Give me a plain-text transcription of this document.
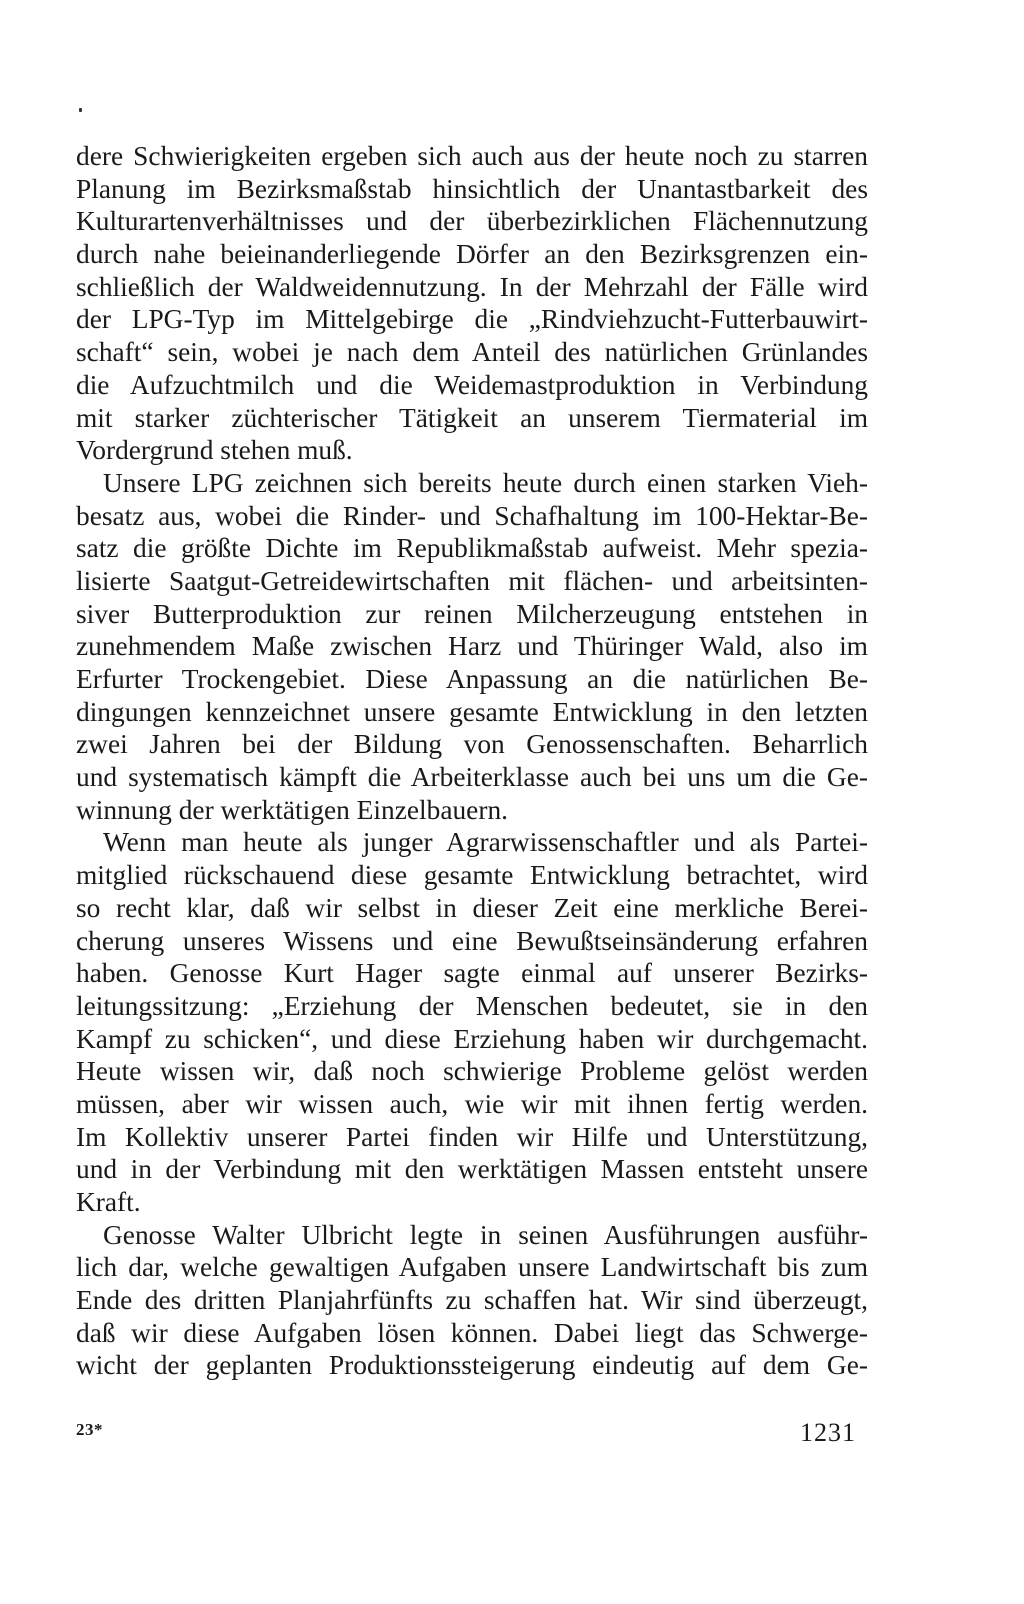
dere Schwierigkeiten ergeben sich auch aus der heute noch zu starren
Planung im Bezirksmaßstab hinsichtlich der Unantastbarkeit des
Kulturartenverhältnisses und der überbezirklichen Flächennutzung
durch nahe beieinanderliegende Dörfer an den Bezirksgrenzen ein-
schließlich der Waldweidennutzung. In der Mehrzahl der Fälle wird
der LPG-Typ im Mittelgebirge die „Rindviehzucht-Futterbauwirt-
schaft“ sein, wobei je nach dem Anteil des natürlichen Grünlandes
die Aufzuchtmilch und die Weidemastproduktion in Verbindung
mit starker züchterischer Tätigkeit an unserem Tiermaterial im
Vordergrund stehen muß.
Unsere LPG zeichnen sich bereits heute durch einen starken Vieh-
besatz aus, wobei die Rinder- und Schafhaltung im 100-Hektar-Be-
satz die größte Dichte im Republikmaßstab aufweist. Mehr spezia-
lisierte Saatgut-Getreidewirtschaften mit flächen- und arbeitsinten-
siver Butterproduktion zur reinen Milcherzeugung entstehen in
zunehmendem Maße zwischen Harz und Thüringer Wald, also im
Erfurter Trockengebiet. Diese Anpassung an die natürlichen Be-
dingungen kennzeichnet unsere gesamte Entwicklung in den letzten
zwei Jahren bei der Bildung von Genossenschaften. Beharrlich
und systematisch kämpft die Arbeiterklasse auch bei uns um die Ge-
winnung der werktätigen Einzelbauern.
Wenn man heute als junger Agrarwissenschaftler und als Partei-
mitglied rückschauend diese gesamte Entwicklung betrachtet, wird
so recht klar, daß wir selbst in dieser Zeit eine merkliche Berei-
cherung unseres Wissens und eine Bewußtseinsänderung erfahren
haben. Genosse Kurt Hager sagte einmal auf unserer Bezirks-
leitungssitzung: „Erziehung der Menschen bedeutet, sie in den
Kampf zu schicken“, und diese Erziehung haben wir durchgemacht.
Heute wissen wir, daß noch schwierige Probleme gelöst werden
müssen, aber wir wissen auch, wie wir mit ihnen fertig werden.
Im Kollektiv unserer Partei finden wir Hilfe und Unterstützung,
und in der Verbindung mit den werktätigen Massen entsteht unsere
Kraft.
Genosse Walter Ulbricht legte in seinen Ausführungen ausführ-
lich dar, welche gewaltigen Aufgaben unsere Landwirtschaft bis zum
Ende des dritten Planjahrfünfts zu schaffen hat. Wir sind überzeugt,
daß wir diese Aufgaben lösen können. Dabei liegt das Schwerge-
wicht der geplanten Produktionssteigerung eindeutig auf dem Ge-
23*	1231
